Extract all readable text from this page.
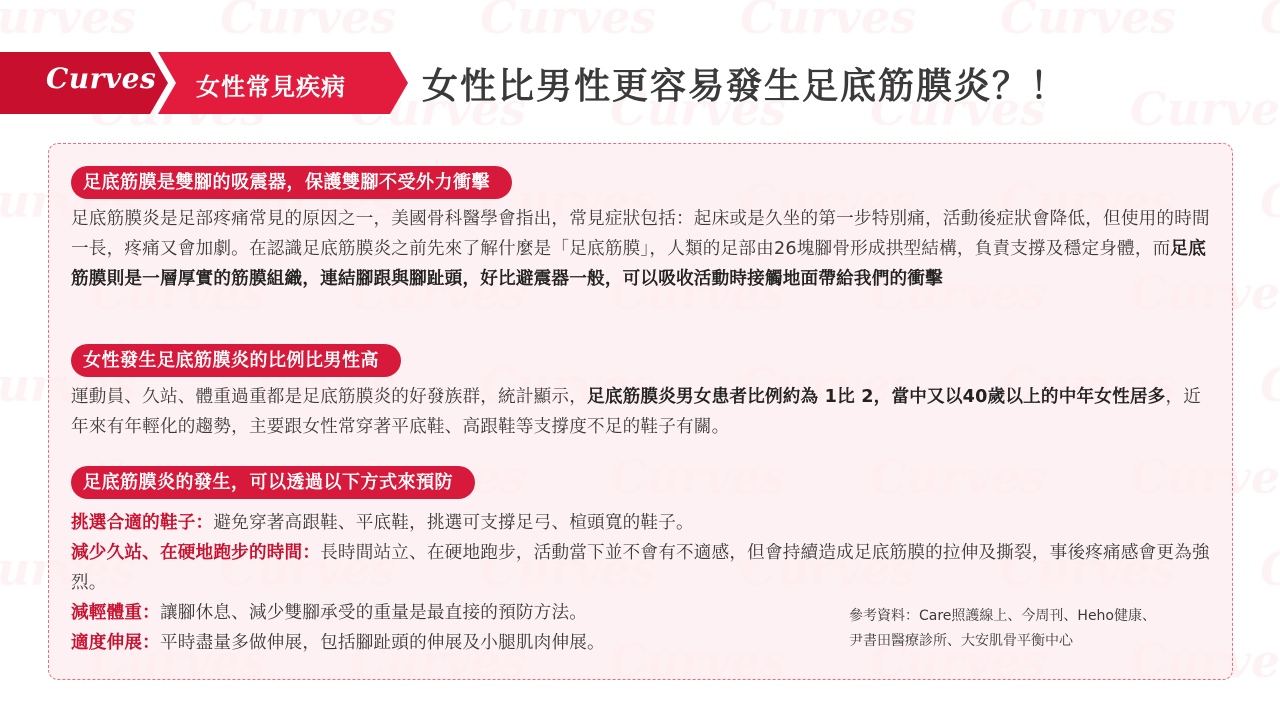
Curves 女性常見疾病 女性比男性更容易發生足底筋膜炎？！
足底筋膜是雙腳的吸震器，保護雙腳不受外力衝擊
足底筋膜炎是足部疼痛常見的原因之一，美國骨科醫學會指出，常見症狀包括：起床或是久坐的第一步特別痛，活動後症狀會降低，但使用的時間一長，疼痛又會加劇。在認識足底筋膜炎之前先來了解什麼是「足底筋膜」，人類的足部由26塊腳骨形成拱型結構，負責支撐及穩定身體，而足底筋膜則是一層厚實的筋膜組織，連結腳跟與腳趾頭，好比避震器一般，可以吸收活動時接觸地面帶給我們的衝擊
女性發生足底筋膜炎的比例比男性高
運動員、久站、體重過重都是足底筋膜炎的好發族群，統計顯示，足底筋膜炎男女患者比例約為 1比 2，當中又以40歲以上的中年女性居多，近年來有年輕化的趨勢，主要跟女性常穿著平底鞋、高跟鞋等支撐度不足的鞋子有關。
足底筋膜炎的發生，可以透過以下方式來預防
挑選合適的鞋子：避免穿著高跟鞋、平底鞋，挑選可支撐足弓、楦頭寬的鞋子。
減少久站、在硬地跑步的時間：長時間站立、在硬地跑步，活動當下並不會有不適感，但會持續造成足底筋膜的拉伸及撕裂，事後疼痛感會更為強烈。
減輕體重：讓腳休息、減少雙腳承受的重量是最直接的預防方法。
適度伸展：平時盡量多做伸展，包括腳趾頭的伸展及小腿肌肉伸展。
參考資料：Care照護線上、今周刊、Heho健康、
尹書田醫療診所、大安肌骨平衡中心
